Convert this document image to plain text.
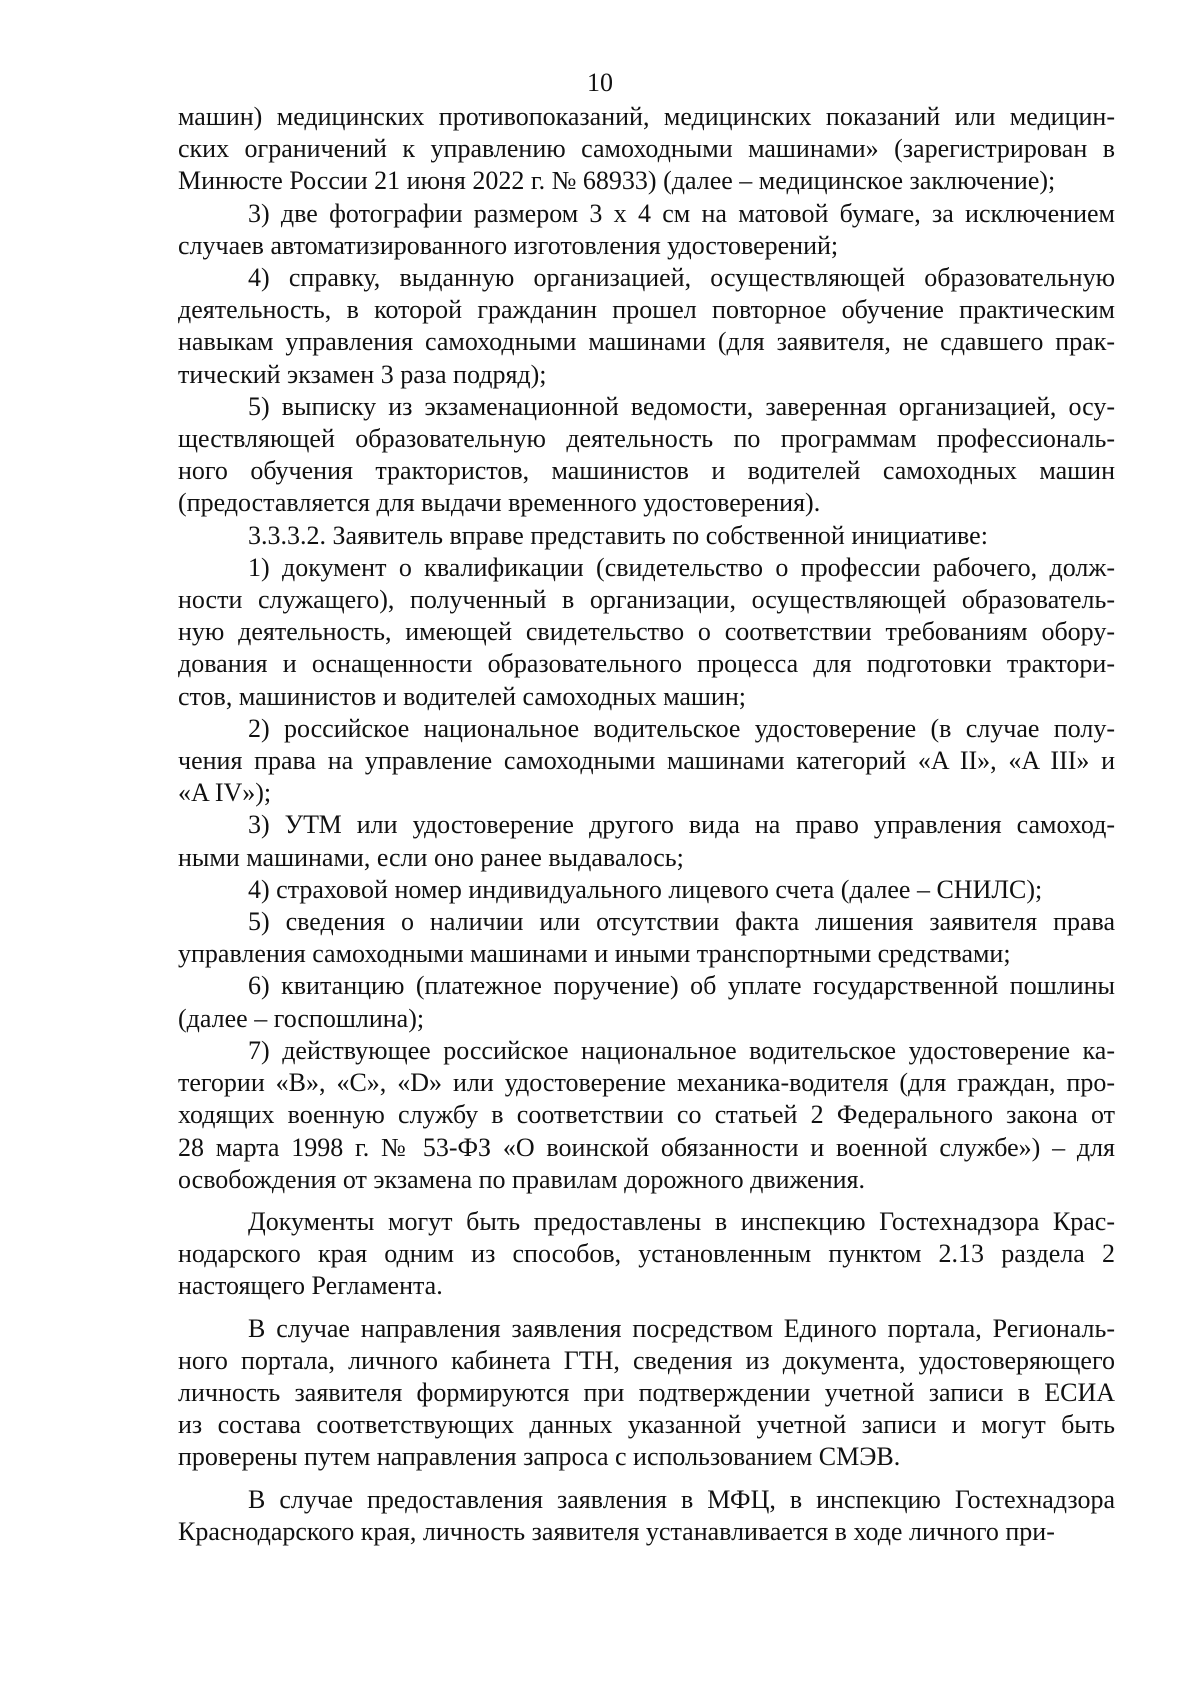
10

машин) медицинских противопоказаний, медицинских показаний или медицин-
ских ограничений к управлению самоходными машинами» (зарегистрирован в
Минюсте России 21 июня 2022 г. № 68933) (далее – медицинское заключение);

3) две фотографии размером 3 х 4 см на матовой бумаге, за исключением
случаев автоматизированного изготовления удостоверений;

4) справку, выданную организацией, осуществляющей образовательную
деятельность, в которой гражданин прошел повторное обучение практическим
навыкам управления самоходными машинами (для заявителя, не сдавшего прак-
тический экзамен 3 раза подряд);

5) выписку из экзаменационной ведомости, заверенная организацией, осу-
ществляющей образовательную деятельность по программам профессиональ-
ного обучения трактористов, машинистов и водителей самоходных машин
(предоставляется для выдачи временного удостоверения).

3.3.3.2. Заявитель вправе представить по собственной инициативе:

1) документ о квалификации (свидетельство о профессии рабочего, долж-
ности служащего), полученный в организации, осуществляющей образователь-
ную деятельность, имеющей свидетельство о соответствии требованиям обору-
дования и оснащенности образовательного процесса для подготовки трактори-
стов, машинистов и водителей самоходных машин;

2) российское национальное водительское удостоверение (в случае полу-
чения права на управление самоходными машинами категорий «A II», «A III» и
«A IV»);

3) УТМ или удостоверение другого вида на право управления самоход-
ными машинами, если оно ранее выдавалось;

4) страховой номер индивидуального лицевого счета (далее – СНИЛС);

5) сведения о наличии или отсутствии факта лишения заявителя права
управления самоходными машинами и иными транспортными средствами;

6) квитанцию (платежное поручение) об уплате государственной пошлины
(далее – госпошлина);

7) действующее российское национальное водительское удостоверение ка-
тегории «B», «C», «D» или удостоверение механика-водителя (для граждан, про-
ходящих военную службу в соответствии со статьей 2 Федерального закона от
28 марта 1998 г. № 53-ФЗ «О воинской обязанности и военной службе») – для
освобождения от экзамена по правилам дорожного движения.

Документы могут быть предоставлены в инспекцию Гостехнадзора Крас-
нодарского края одним из способов, установленным пунктом 2.13 раздела 2
настоящего Регламента.

В случае направления заявления посредством Единого портала, Региональ-
ного портала, личного кабинета ГТН, сведения из документа, удостоверяющего
личность заявителя формируются при подтверждении учетной записи в ЕСИА
из состава соответствующих данных указанной учетной записи и могут быть
проверены путем направления запроса с использованием СМЭВ.

В случае предоставления заявления в МФЦ, в инспекцию Гостехнадзора
Краснодарского края, личность заявителя устанавливается в ходе личного при-
